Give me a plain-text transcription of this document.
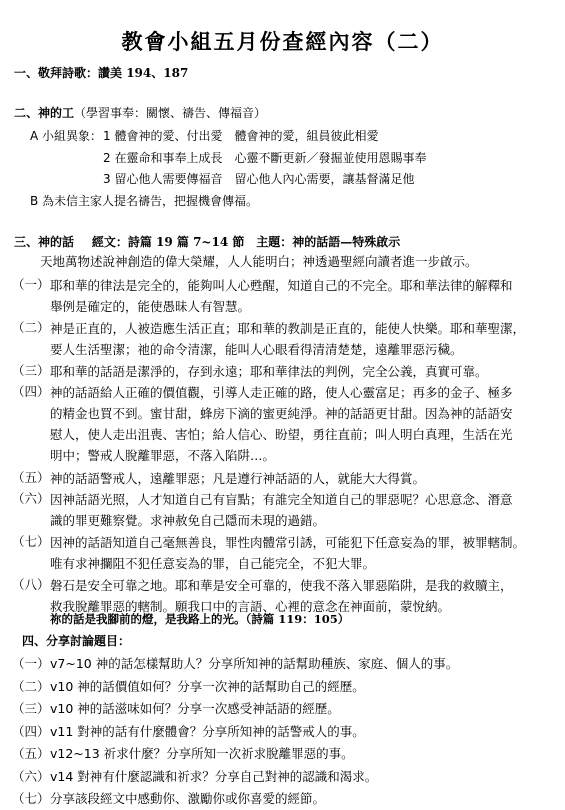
教會小組五月份查經內容（二）
一、敬拜詩歌：讚美 194、187
二、神的工（學習事奉：關懷、禱告、傳福音）
A 小組異象： 1 體會神的愛、付出愛　體會神的愛，組員彼此相愛
2 在靈命和事奉上成長　心靈不斷更新／發掘並使用恩賜事奉
3 留心他人需要傳福音　留心他人內心需要，讓基督滿足他
B 為未信主家人提名禱告，把握機會傳福。
三、神的話 經文：詩篇 19 篇 7~14 節 主題：神的話語—特殊啟示
天地萬物述說神創造的偉大榮耀，人人能明白；神透過聖經向讀者進一步啟示。
（一） 耶和華的律法是完全的，能夠叫人心甦醒，知道自己的不完全。耶和華法律的解釋和
舉例是確定的，能使愚昧人有智慧。
（二） 神是正直的，人被造應生活正直；耶和華的教訓是正直的，能使人快樂。耶和華聖潔，
要人生活聖潔；祂的命令清潔，能叫人心眼看得清清楚楚，遠離罪惡污穢。
（三） 耶和華的話語是潔淨的，存到永遠；耶和華律法的判例，完全公義，真實可靠。
（四） 神的話語給人正確的價值觀，引導人走正確的路，使人心靈富足；再多的金子、極多
的精金也買不到。蜜甘甜，蜂房下滴的蜜更純淨。神的話語更甘甜。因為神的話語安
慰人，使人走出沮喪、害怕；給人信心、盼望，勇往直前；叫人明白真理，生活在光
明中；警戒人脫離罪惡，不落入陷阱…。
（五） 神的話語警戒人，遠離罪惡；凡是遵行神話語的人，就能大大得賞。
（六） 因神話語光照，人才知道自己有盲點；有誰完全知道自己的罪惡呢？心思意念、潛意
識的罪更難察覺。求神赦免自己隱而未現的過錯。
（七） 因神的話語知道自己毫無善良，罪性肉體常引誘，可能犯下任意妄為的罪，被罪轄制。
唯有求神攔阻不犯任意妄為的罪，自己能完全，不犯大罪。
（八） 磐石是安全可靠之地。耶和華是安全可靠的，使我不落入罪惡陷阱，是我的救贖主，
救我脫離罪惡的轄制。願我口中的言語、心裡的意念在神面前，蒙悅納。
祢的話是我腳前的燈，是我路上的光。（詩篇 119：105）
四、分享討論題目：
（一） v7~10 神的話怎樣幫助人？分享所知神的話幫助種族、家庭、個人的事。
（二） v10 神的話價值如何？分享一次神的話幫助自己的經歷。
（三） v10 神的話滋味如何？分享一次感受神話語的經歷。
（四） v11 對神的話有什麼體會？分享所知神的話警戒人的事。
（五） v12~13 祈求什麼？分享所知一次祈求脫離罪惡的事。
（六） v14 對神有什麼認識和祈求？分享自己對神的認識和渴求。
（七） 分享該段經文中感動你、激勵你或你喜愛的經節。
